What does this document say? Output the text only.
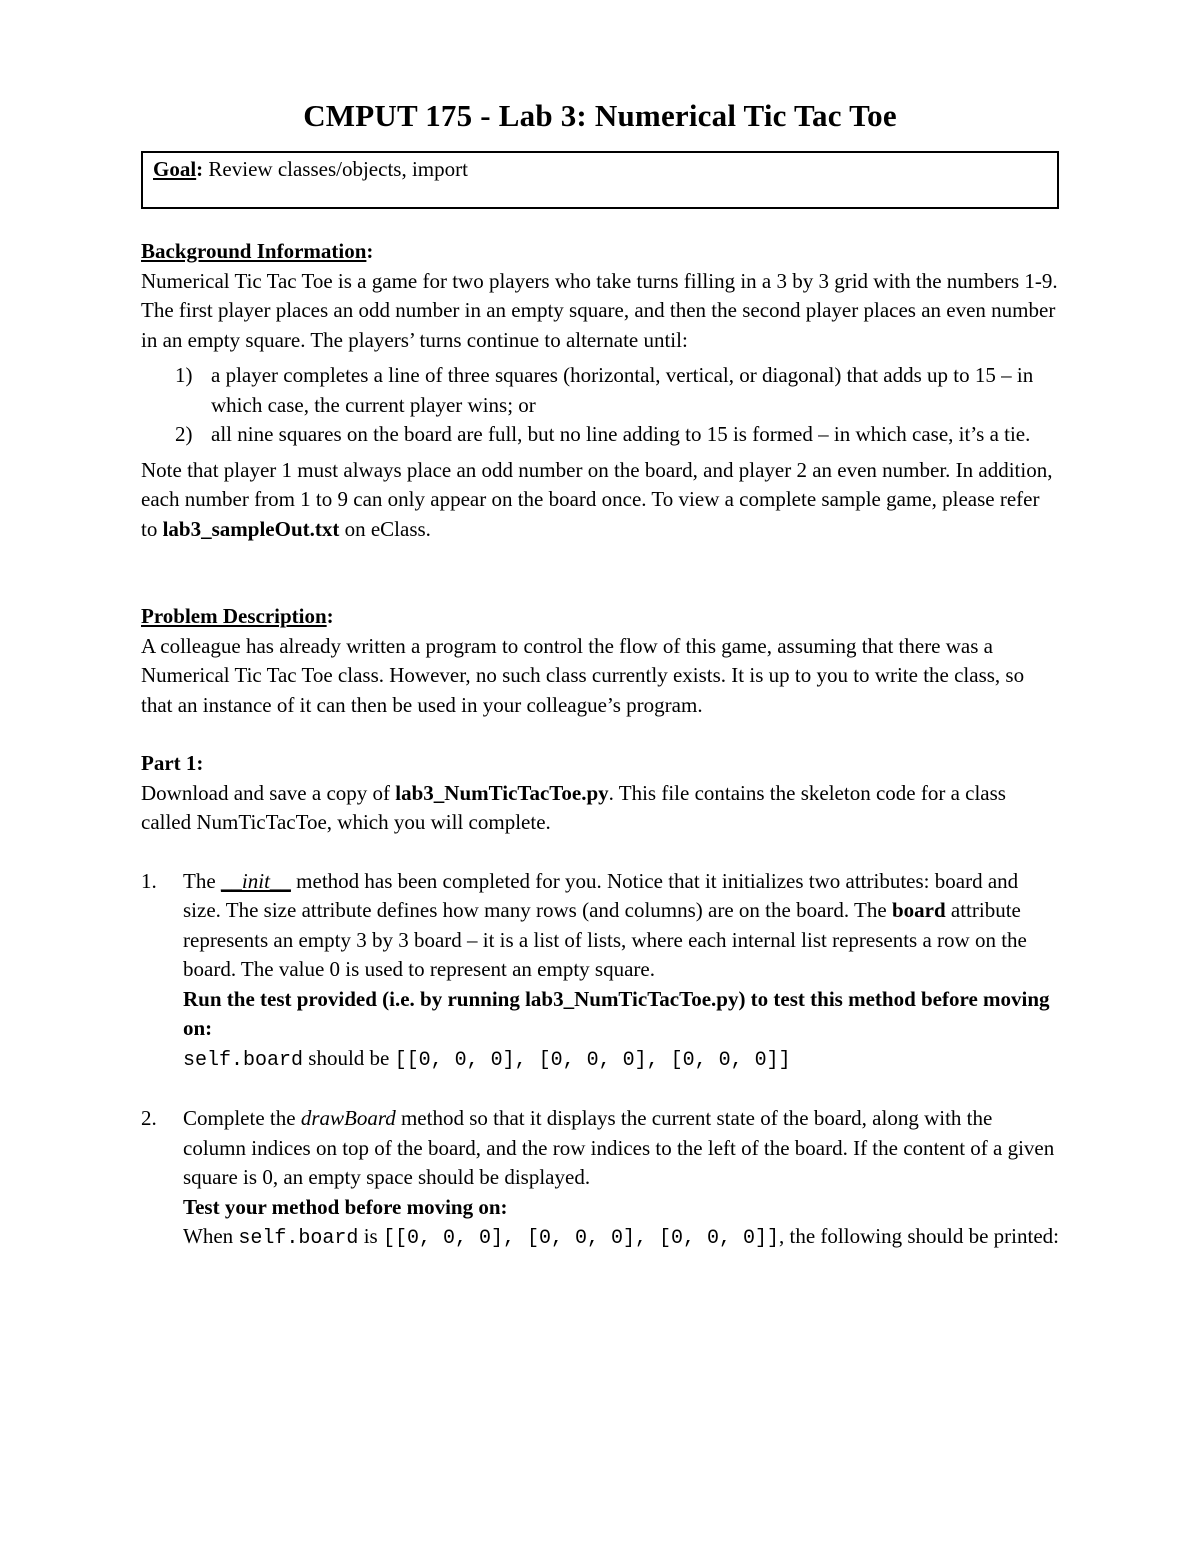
CMPUT 175 - Lab 3: Numerical Tic Tac Toe
Goal: Review classes/objects, import
Background Information:

Numerical Tic Tac Toe is a game for two players who take turns filling in a 3 by 3 grid with the numbers 1-9. The first player places an odd number in an empty square, and then the second player places an even number in an empty square. The players’ turns continue to alternate until:

1) a player completes a line of three squares (horizontal, vertical, or diagonal) that adds up to 15 – in which case, the current player wins; or
2) all nine squares on the board are full, but no line adding to 15 is formed – in which case, it’s a tie.

Note that player 1 must always place an odd number on the board, and player 2 an even number. In addition, each number from 1 to 9 can only appear on the board once. To view a complete sample game, please refer to lab3_sampleOut.txt on eClass.

Problem Description:

A colleague has already written a program to control the flow of this game, assuming that there was a Numerical Tic Tac Toe class. However, no such class currently exists. It is up to you to write the class, so that an instance of it can then be used in your colleague’s program.

Part 1:

Download and save a copy of lab3_NumTicTacToe.py. This file contains the skeleton code for a class called NumTicTacToe, which you will complete.

1. The __init__ method has been completed for you. Notice that it initializes two attributes: board and size. The size attribute defines how many rows (and columns) are on the board. The board attribute represents an empty 3 by 3 board – it is a list of lists, where each internal list represents a row on the board. The value 0 is used to represent an empty square.

Run the test provided (i.e. by running lab3_NumTicTacToe.py) to test this method before moving on:

self.board should be [[0, 0, 0], [0, 0, 0], [0, 0, 0]]

2. Complete the drawBoard method so that it displays the current state of the board, along with the column indices on top of the board, and the row indices to the left of the board. If the content of a given square is 0, an empty space should be displayed.

Test your method before moving on:

When self.board is [[0, 0, 0], [0, 0, 0], [0, 0, 0]], the following should be printed:
